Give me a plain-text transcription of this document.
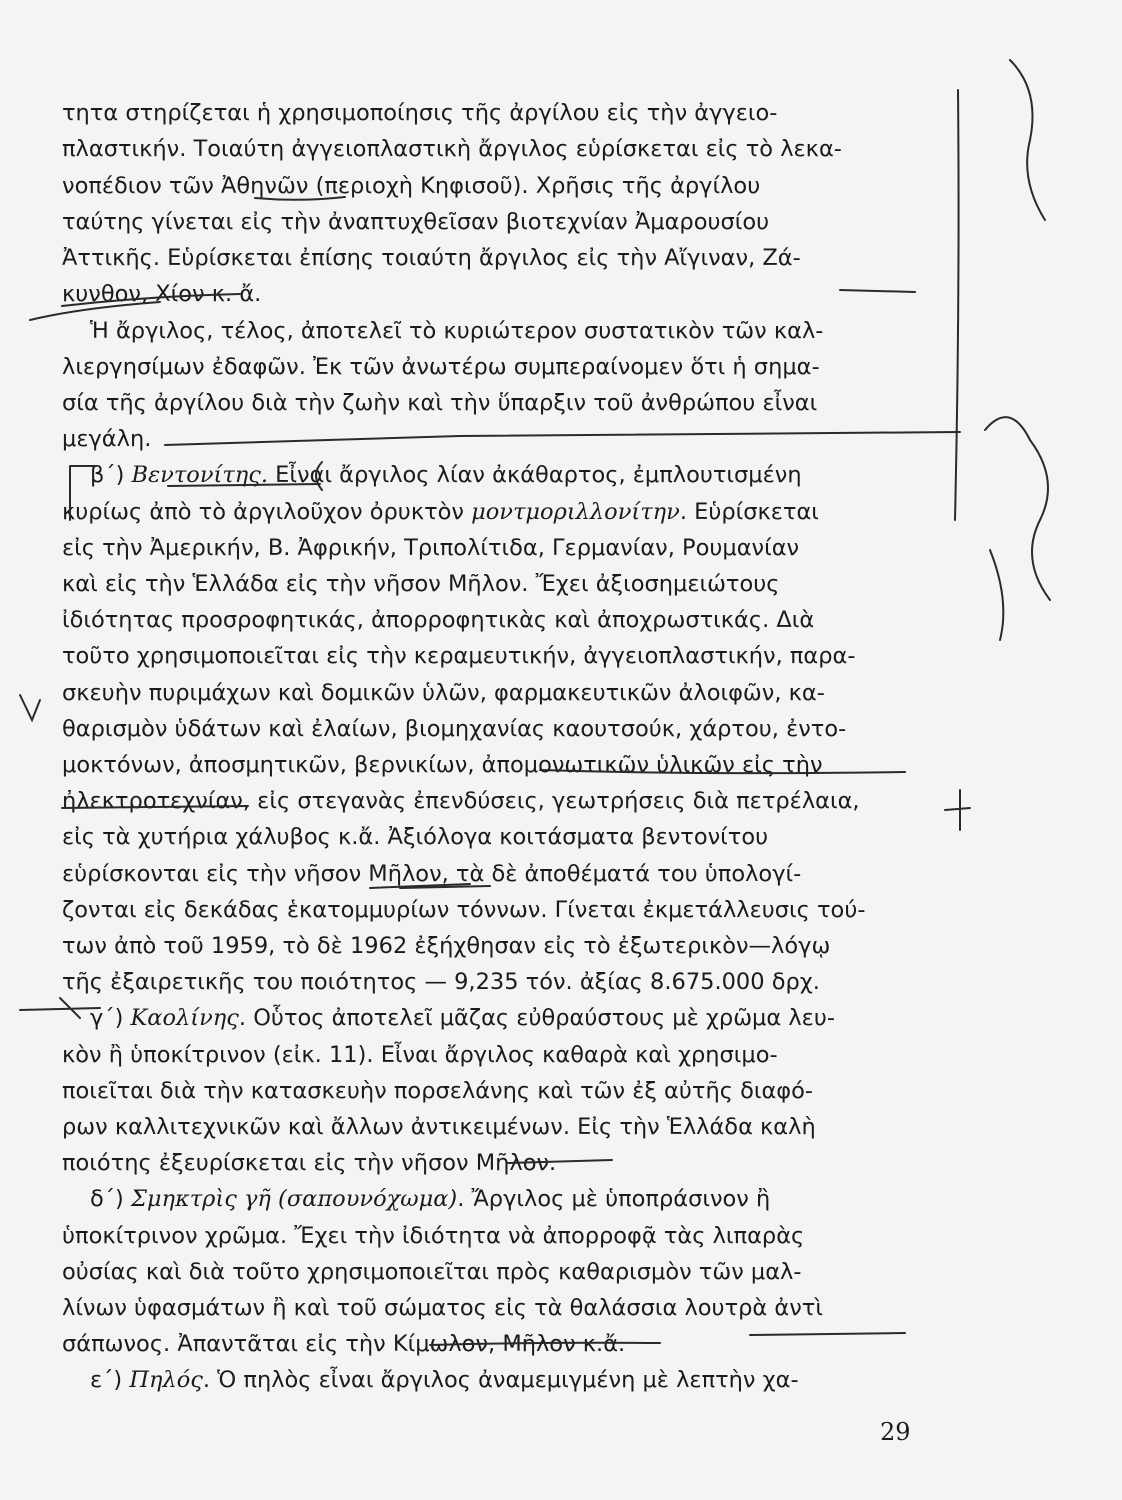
τητα στηρίζεται ἡ χρησιμοποίησις τῆς ἀργίλου εἰς τὴν ἀγγειο-
πλαστικήν. Τοιαύτη ἀγγειοπλαστικὴ ἄργιλος εὑρίσκεται εἰς τὸ λεκα-
νοπέδιον τῶν Ἀθηνῶν (περιοχὴ Κηφισοῦ). Χρῆσις τῆς ἀργίλου
ταύτης γίνεται εἰς τὴν ἀναπτυχθεῖσαν βιοτεχνίαν Ἀμαρουσίου
Ἀττικῆς. Εὑρίσκεται ἐπίσης τοιαύτη ἄργιλος εἰς τὴν Αἴγιναν, Ζά-
κυνθον, Χίον κ. ἄ.
Ἡ ἄργιλος, τέλος, ἀποτελεῖ τὸ κυριώτερον συστατικὸν τῶν καλ-
λιεργησίμων ἐδαφῶν. Ἐκ τῶν ἀνωτέρω συμπεραίνομεν ὅτι ἡ σημα-
σία τῆς ἀργίλου διὰ τὴν ζωὴν καὶ τὴν ὕπαρξιν τοῦ ἀνθρώπου εἶναι
μεγάλη.
β΄) Βεντονίτης. Εἶναι ἄργιλος λίαν ἀκάθαρτος, ἐμπλουτισμένη
κυρίως ἀπὸ τὸ ἀργιλοῦχον ὀρυκτὸν μοντμοριλλονίτην. Εὑρίσκεται
εἰς τὴν Ἀμερικήν, Β. Ἀφρικήν, Τριπολίτιδα, Γερμανίαν, Ρουμανίαν
καὶ εἰς τὴν Ἑλλάδα εἰς τὴν νῆσον Μῆλον. Ἔχει ἀξιοσημειώτους
ἰδιότητας προσροφητικάς, ἀπορροφητικὰς καὶ ἀποχρωστικάς. Διὰ
τοῦτο χρησιμοποιεῖται εἰς τὴν κεραμευτικήν, ἀγγειοπλαστικήν, παρα-
σκευὴν πυριμάχων καὶ δομικῶν ὑλῶν, φαρμακευτικῶν ἀλοιφῶν, κα-
θαρισμὸν ὑδάτων καὶ ἐλαίων, βιομηχανίας καουτσούκ, χάρτου, ἐντο-
μοκτόνων, ἀποσμητικῶν, βερνικίων, ἀπομονωτικῶν ὑλικῶν εἰς τὴν
ἠλεκτροτεχνίαν, εἰς στεγανὰς ἐπενδύσεις, γεωτρήσεις διὰ πετρέλαια,
εἰς τὰ χυτήρια χάλυβος κ.ἄ. Ἀξιόλογα κοιτάσματα βεντονίτου
εὑρίσκονται εἰς τὴν νῆσον Μῆλον, τὰ δὲ ἀποθέματά του ὑπολογί-
ζονται εἰς δεκάδας ἑκατομμυρίων τόννων. Γίνεται ἐκμετάλλευσις τού-
των ἀπὸ τοῦ 1959, τὸ δὲ 1962 ἐξήχθησαν εἰς τὸ ἐξωτερικὸν—λόγῳ
τῆς ἐξαιρετικῆς του ποιότητος — 9,235 τόν. ἀξίας 8.675.000 δρχ.
γ΄) Καολίνης. Οὗτος ἀποτελεῖ μᾶζας εὐθραύστους μὲ χρῶμα λευ-
κὸν ἢ ὑποκίτρινον (εἰκ. 11). Εἶναι ἄργιλος καθαρὰ καὶ χρησιμο-
ποιεῖται διὰ τὴν κατασκευὴν πορσελάνης καὶ τῶν ἐξ αὐτῆς διαφό-
ρων καλλιτεχνικῶν καὶ ἄλλων ἀντικειμένων. Εἰς τὴν Ἑλλάδα καλὴ
ποιότης ἐξευρίσκεται εἰς τὴν νῆσον Μῆλον.
δ΄) Σμηκτρὶς γῆ (σαπουνόχωμα). Ἄργιλος μὲ ὑποπράσινον ἢ
ὑποκίτρινον χρῶμα. Ἔχει τὴν ἰδιότητα νὰ ἀπορροφᾷ τὰς λιπαρὰς
οὐσίας καὶ διὰ τοῦτο χρησιμοποιεῖται πρὸς καθαρισμὸν τῶν μαλ-
λίνων ὑφασμάτων ἢ καὶ τοῦ σώματος εἰς τὰ θαλάσσια λουτρὰ ἀντὶ
σάπωνος. Ἀπαντᾶται εἰς τὴν Κίμωλον, Μῆλον κ.ἄ.
ε΄) Πηλός. Ὁ πηλὸς εἶναι ἄργιλος ἀναμεμιγμένη μὲ λεπτὴν χα-
29
